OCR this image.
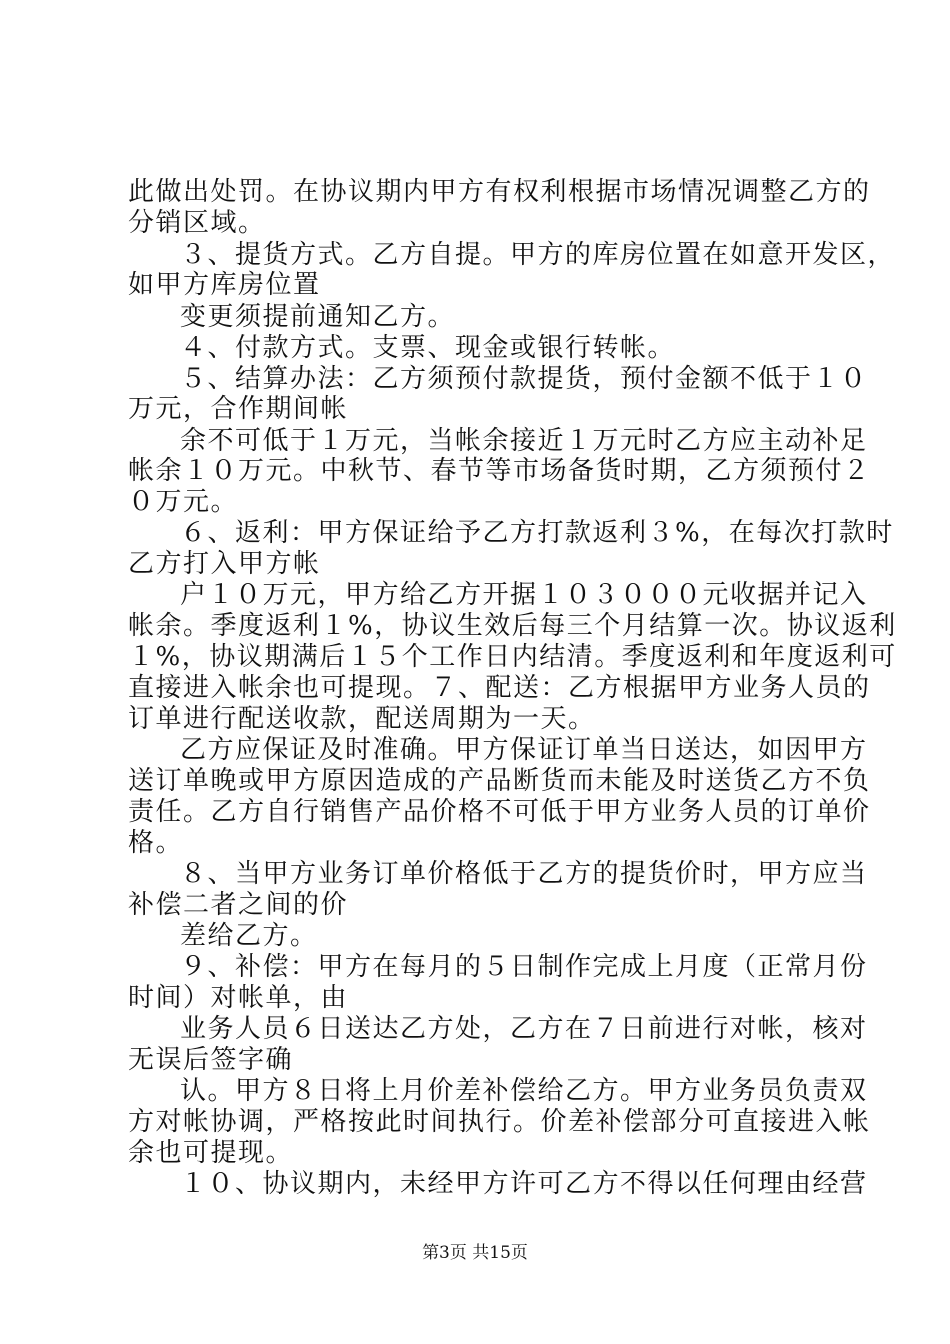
此做出处罚。在协议期内甲方有权利根据市场情况调整乙方的
分销区域。
３、提货方式。乙方自提。甲方的库房位置在如意开发区，
如甲方库房位置
变更须提前通知乙方。
４、付款方式。支票、现金或银行转帐。
５、结算办法：乙方须预付款提货，预付金额不低于１０
万元，合作期间帐
余不可低于１万元，当帐余接近１万元时乙方应主动补足
帐余１０万元。中秋节、春节等市场备货时期，乙方须预付２
０万元。
６、返利：甲方保证给予乙方打款返利３%，在每次打款时
乙方打入甲方帐
户１０万元，甲方给乙方开据１０３０００元收据并记入
帐余。季度返利１%，协议生效后每三个月结算一次。协议返利
１%，协议期满后１５个工作日内结清。季度返利和年度返利可
直接进入帐余也可提现。７、配送：乙方根据甲方业务人员的
订单进行配送收款，配送周期为一天。
乙方应保证及时准确。甲方保证订单当日送达，如因甲方
送订单晚或甲方原因造成的产品断货而未能及时送货乙方不负
责任。乙方自行销售产品价格不可低于甲方业务人员的订单价
格。
８、当甲方业务订单价格低于乙方的提货价时，甲方应当
补偿二者之间的价
差给乙方。
９、补偿：甲方在每月的５日制作完成上月度（正常月份
时间）对帐单，由
业务人员６日送达乙方处，乙方在７日前进行对帐，核对
无误后签字确
认。甲方８日将上月价差补偿给乙方。甲方业务员负责双
方对帐协调，严格按此时间执行。价差补偿部分可直接进入帐
余也可提现。
１０、协议期内，未经甲方许可乙方不得以任何理由经营
第3页 共15页
